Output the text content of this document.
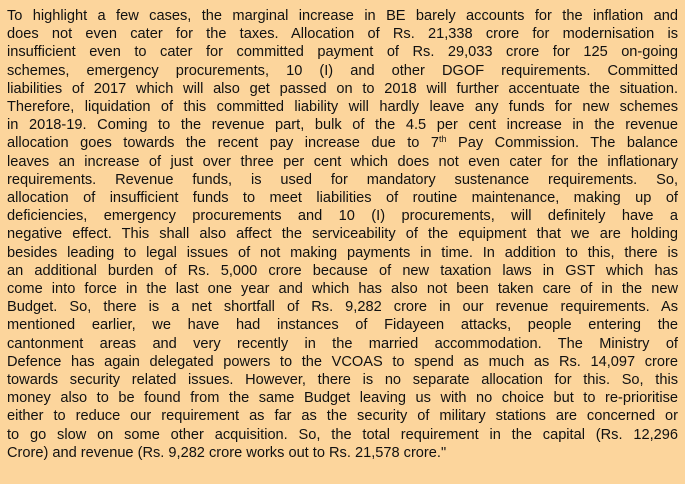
To highlight a few cases, the marginal increase in BE barely accounts for the inflation and
does not even cater for the taxes. Allocation of Rs. 21,338 crore for modernisation is
insufficient even to cater for committed payment of Rs. 29,033 crore for 125 on-going
schemes, emergency procurements, 10 (I) and other DGOF requirements. Committed
liabilities of 2017 which will also get passed on to 2018 will further accentuate the situation.
Therefore, liquidation of this committed liability will hardly leave any funds for new schemes
in 2018-19. Coming to the revenue part, bulk of the 4.5 per cent increase in the revenue
allocation goes towards the recent pay increase due to 7th Pay Commission. The balance
leaves an increase of just over three per cent which does not even cater for the inflationary
requirements. Revenue funds, is used for mandatory sustenance requirements. So,
allocation of insufficient funds to meet liabilities of routine maintenance, making up of
deficiencies, emergency procurements and 10 (I) procurements, will definitely have a
negative effect. This shall also affect the serviceability of the equipment that we are holding
besides leading to legal issues of not making payments in time. In addition to this, there is
an additional burden of Rs. 5,000 crore because of new taxation laws in GST which has
come into force in the last one year and which has also not been taken care of in the new
Budget. So, there is a net shortfall of Rs. 9,282 crore in our revenue requirements. As
mentioned earlier, we have had instances of Fidayeen attacks, people entering the
cantonment areas and very recently in the married accommodation. The Ministry of
Defence has again delegated powers to the VCOAS to spend as much as Rs. 14,097 crore
towards security related issues. However, there is no separate allocation for this. So, this
money also to be found from the same Budget leaving us with no choice but to re-prioritise
either to reduce our requirement as far as the security of military stations are concerned or
to go slow on some other acquisition. So, the total requirement in the capital (Rs. 12,296
Crore) and revenue (Rs. 9,282 crore works out to Rs. 21,578 crore."
